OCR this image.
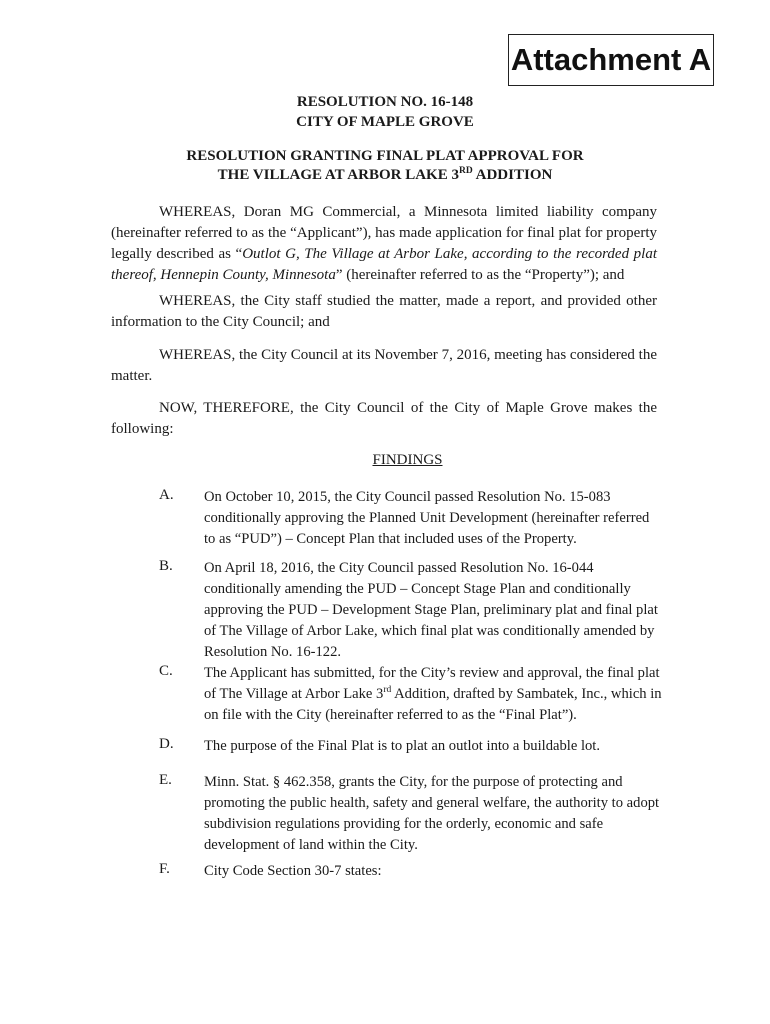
Attachment A
RESOLUTION NO. 16-148
CITY OF MAPLE GROVE
RESOLUTION GRANTING FINAL PLAT APPROVAL FOR
THE VILLAGE AT ARBOR LAKE 3RD ADDITION
WHEREAS, Doran MG Commercial, a Minnesota limited liability company (hereinafter referred to as the “Applicant”), has made application for final plat for property legally described as “Outlot G, The Village at Arbor Lake, according to the recorded plat thereof, Hennepin County, Minnesota” (hereinafter referred to as the “Property”); and
WHEREAS, the City staff studied the matter, made a report, and provided other information to the City Council; and
WHEREAS, the City Council at its November 7, 2016, meeting has considered the matter.
NOW, THEREFORE, the City Council of the City of Maple Grove makes the following:
FINDINGS
A. On October 10, 2015, the City Council passed Resolution No. 15-083 conditionally approving the Planned Unit Development (hereinafter referred to as “PUD”) – Concept Plan that included uses of the Property.
B. On April 18, 2016, the City Council passed Resolution No. 16-044 conditionally amending the PUD – Concept Stage Plan and conditionally approving the PUD – Development Stage Plan, preliminary plat and final plat of The Village of Arbor Lake, which final plat was conditionally amended by Resolution No. 16-122.
C. The Applicant has submitted, for the City’s review and approval, the final plat of The Village at Arbor Lake 3rd Addition, drafted by Sambatek, Inc., which in on file with the City (hereinafter referred to as the “Final Plat”).
D. The purpose of the Final Plat is to plat an outlot into a buildable lot.
E. Minn. Stat. § 462.358, grants the City, for the purpose of protecting and promoting the public health, safety and general welfare, the authority to adopt subdivision regulations providing for the orderly, economic and safe development of land within the City.
F. City Code Section 30-7 states:
